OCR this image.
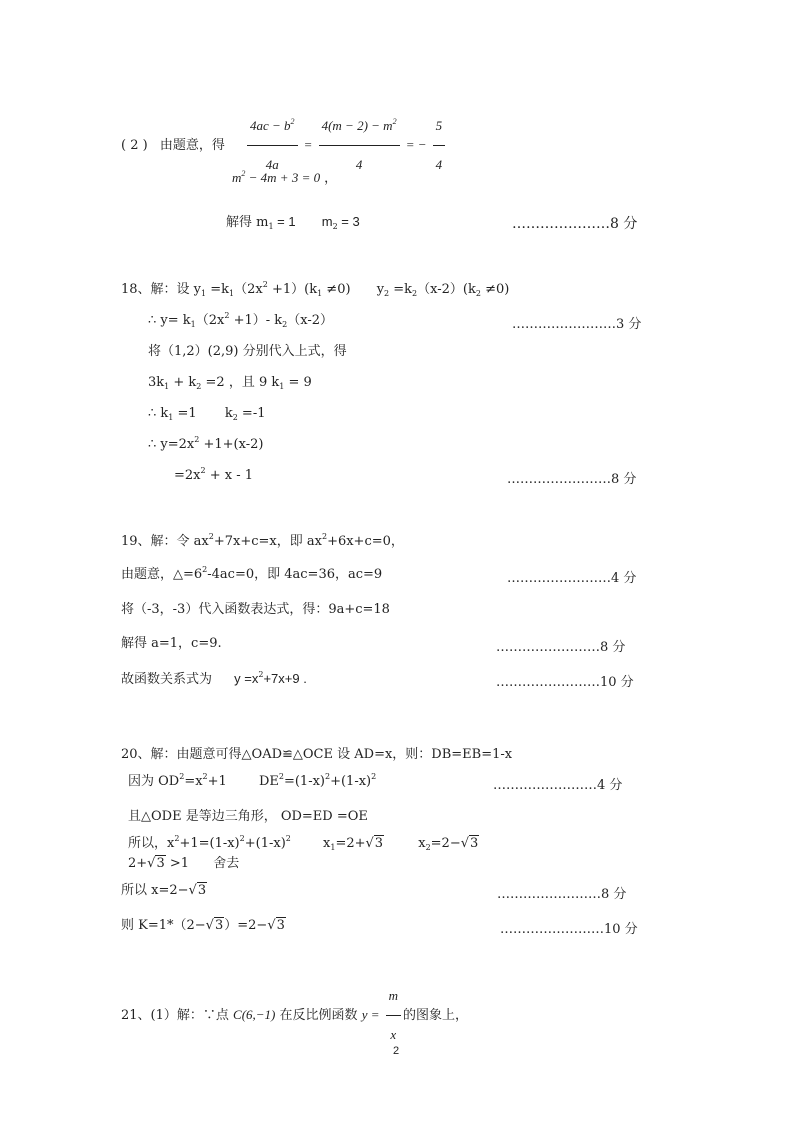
( 2 ) 由题意，得 $\frac{4ac - b^2}{4a} = \frac{4(m - 2) - m^2}{4}$ = − $\frac{5}{4}$
$m^2 - 4m + 3 = 0$ ，
解得 $m_1 = 1$ $m_2 = 3$	…………………8 分
18、解：设 $y_1 =k_1(2x^2 +1)(k_1 \ne 0)$ $y_2 =k_2(x-2)(k_2 \ne 0)$
∴ $y= k_1(2x^2 +1)-$ $k_2(x-2)$	……………………3 分
将（1,2）(2,9) 分别代入上式，得
$3k_1 + k_2 =2$ ，且 9 $k_1 = 9$
∴ $k_1 =1$ $k_2 =-1$
∴ $y=2x^2 +1+(x-2)$
$=2x^2 + x - 1$	……………………8 分
19、解：令 $ax^2+7x+c=x$，即 $ax^2+6x+c=0$，
由题意，$\triangle=6^2-4ac=0$，即 4ac=36，ac=9	……………………4 分
将（-3，-3）代入函数表达式，得：9a+c=18
解得 a=1，c=9.	……………………8 分
故函数关系式为 $y =x^2+7x+9$ .	……………………10 分
20、解：由题意可得△OAD≌△OCE 设 AD=x，则：DB=EB=1-x
因为 $OD^2=x^2+1$ $DE^2=(1-x)^2+(1-x)^2$
……………………4 分
且△ODE 是等边三角形， OD=ED =OE
所以，$x^2+1=(1-x)^2+(1-x)^2$ $x_1=2+√3$	$x_2=2-√3$
2+√3 >1 舍去
所以 x=2−√3	……………………8 分
则 K=1*（2−√3）=2−√3	……………………10 分
21、(1）解：∵点 C(6,−1) 在反比例函数 $y = \frac{m}{x}$ 的图象上，
2
